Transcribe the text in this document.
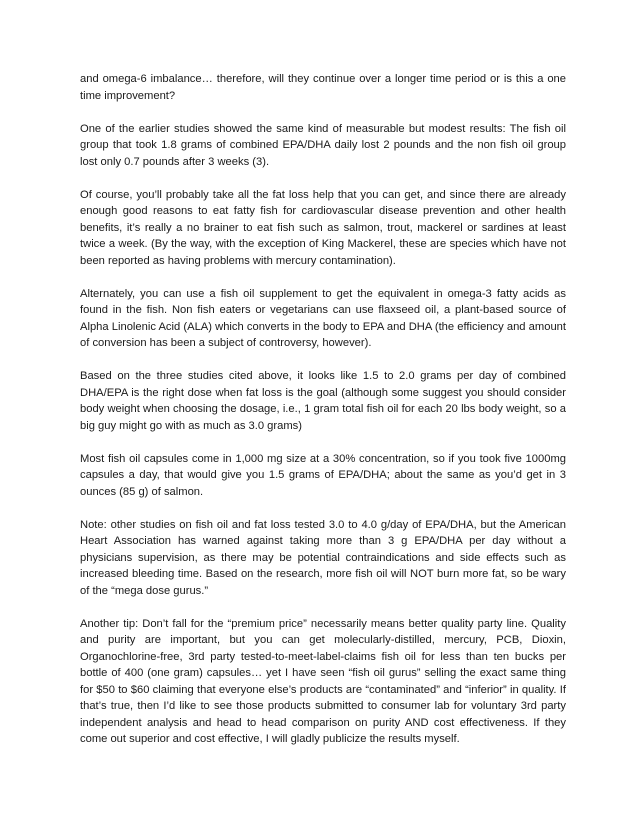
and omega-6 imbalance… therefore, will they continue over a longer time period or is this a one time improvement?

One of the earlier studies showed the same kind of measurable but modest results: The fish oil group that took 1.8 grams of combined EPA/DHA daily lost 2 pounds and the non fish oil group lost only 0.7 pounds after 3 weeks (3).

Of course, you’ll probably take all the fat loss help that you can get, and since there are already enough good reasons to eat fatty fish for cardiovascular disease prevention and other health benefits, it’s really a no brainer to eat fish such as salmon, trout, mackerel or sardines at least twice a week. (By the way, with the exception of King Mackerel, these are species which have not been reported as having problems with mercury contamination).

Alternately, you can use a fish oil supplement to get the equivalent in omega-3 fatty acids as found in the fish. Non fish eaters or vegetarians can use flaxseed oil, a plant-based source of Alpha Linolenic Acid (ALA) which converts in the body to EPA and DHA (the efficiency and amount of conversion has been a subject of controversy, however).

Based on the three studies cited above, it looks like 1.5 to 2.0 grams per day of combined DHA/EPA is the right dose when fat loss is the goal (although some suggest you should consider body weight when choosing the dosage, i.e., 1 gram total fish oil for each 20 lbs body weight, so a big guy might go with as much as 3.0 grams)

Most fish oil capsules come in 1,000 mg size at a 30% concentration, so if you took five 1000mg capsules a day, that would give you 1.5 grams of EPA/DHA; about the same as you’d get in 3 ounces (85 g) of salmon.

Note: other studies on fish oil and fat loss tested 3.0 to 4.0 g/day of EPA/DHA, but the American Heart Association has warned against taking more than 3 g EPA/DHA per day without a physicians supervision, as there may be potential contraindications and side effects such as increased bleeding time. Based on the research, more fish oil will NOT burn more fat, so be wary of the “mega dose gurus.”

Another tip: Don’t fall for the “premium price” necessarily means better quality party line. Quality and purity are important, but you can get molecularly-distilled, mercury, PCB, Dioxin, Organochlorine-free, 3rd party tested-to-meet-label-claims fish oil for less than ten bucks per bottle of 400 (one gram) capsules… yet I have seen “fish oil gurus” selling the exact same thing for $50 to $60 claiming that everyone else’s products are “contaminated” and “inferior” in quality. If that’s true, then I’d like to see those products submitted to consumer lab for voluntary 3rd party independent analysis and head to head comparison on purity AND cost effectiveness. If they come out superior and cost effective, I will gladly publicize the results myself.
